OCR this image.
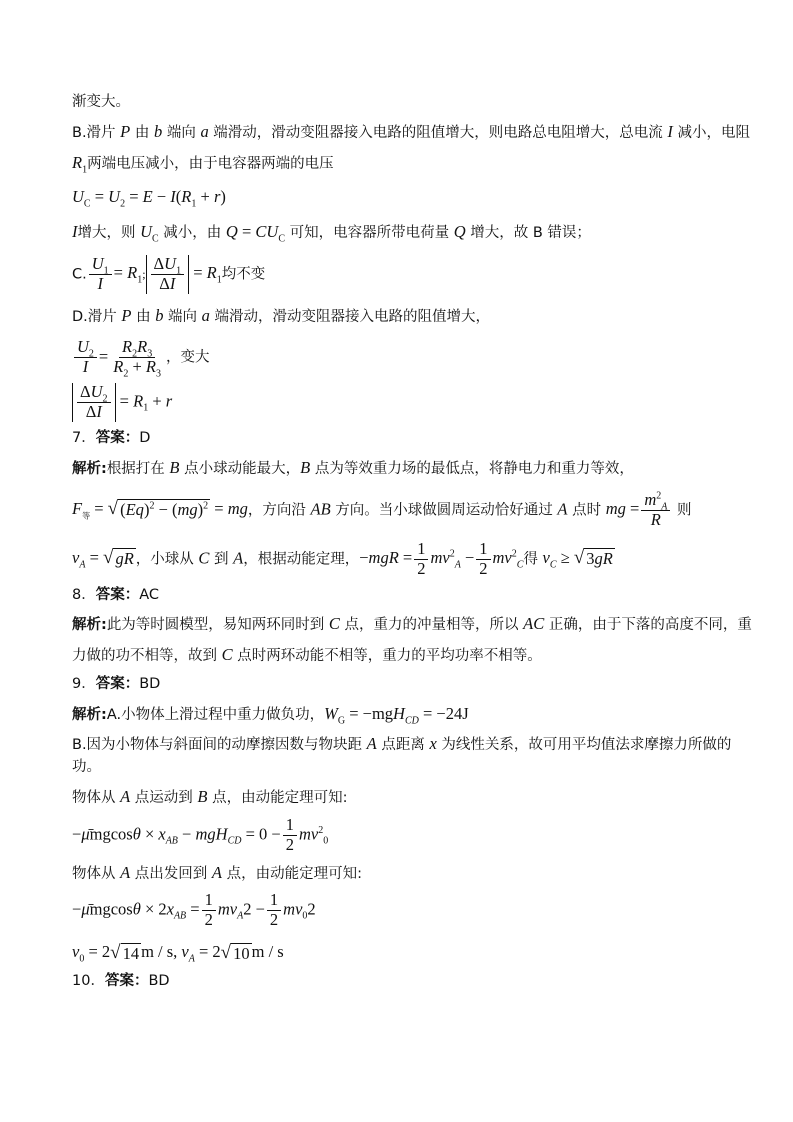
渐变大。

B.滑片 P 由 b 端向 a 端滑动，滑动变阻器接入电路的阻值增大，则电路总电阻增大，总电流 I 减小，电阻

$R_1$两端电压减小，由于电容器两端的电压

$U_C = U_2 = E - I(R_1 + r)$

I增大，则 $U_C$ 减小，由 $Q = CU_C$ 可知，电容器所带电荷量 Q 增大，故 B 错误；

C. $\frac{U_1}{I} = R_1$; $\frac{\Delta U_1}{\Delta I} = R_1$均不变

D.滑片 P 由 b 端向 a 端滑动，滑动变阻器接入电路的阻值增大，

$\frac{U_2}{I} = \frac{R_2R_3}{R_2 + R_3}$ ，变大

$\frac{\Delta U_2}{\Delta I} = R_1 + r$

7．答案：D

解析:根据打在 B 点小球动能最大，B 点为等效重力场的最低点，将静电力和重力等效，

$F_等$ = √ $(Eq)^2 - (mg)^2$ = mg，方向沿 AB 方向。当小球做圆周运动恰好通过 A 点时 mg = $\frac{m^2_A}{R}$ 则

$v_A$ = √ gR ，小球从 C 到 A，根据动能定理，$-mgR = \frac{1}{2} mv^2_A - \frac{1}{2} mv^2_C$得 $v_C$ ≥ √ 3gR

8．答案：AC

解析:此为等时圆模型，易知两环同时到 C 点，重力的冲量相等，所以 AC 正确，由于下落的高度不同，重

力做的功不相等，故到 C 点时两环动能不相等，重力的平均功率不相等。

9．答案：BD

解析:A.小物体上滑过程中重力做负功，$W_G = -mgH_{CD} = -24J$

B.因为小物体与斜面间的动摩擦因数与物块距 A 点距离 x 为线性关系，故可用平均值法求摩擦力所做的

功。

物体从 A 点运动到 B 点，由动能定理可知:

−μ̄mgcosθ × $x_{AB} - mgH_{CD} = 0 - \frac{1}{2} mv^2_0$

物体从 A 点出发回到 A 点，由动能定理可知:

−μ̄mgcosθ × $2x_{AB} = \frac{1}{2} mv_A2 - \frac{1}{2} mv_02$

$v_0 = 2$ √ 14 m / s, $v_A = 2$ √ 10 m / s

10．答案：BD
